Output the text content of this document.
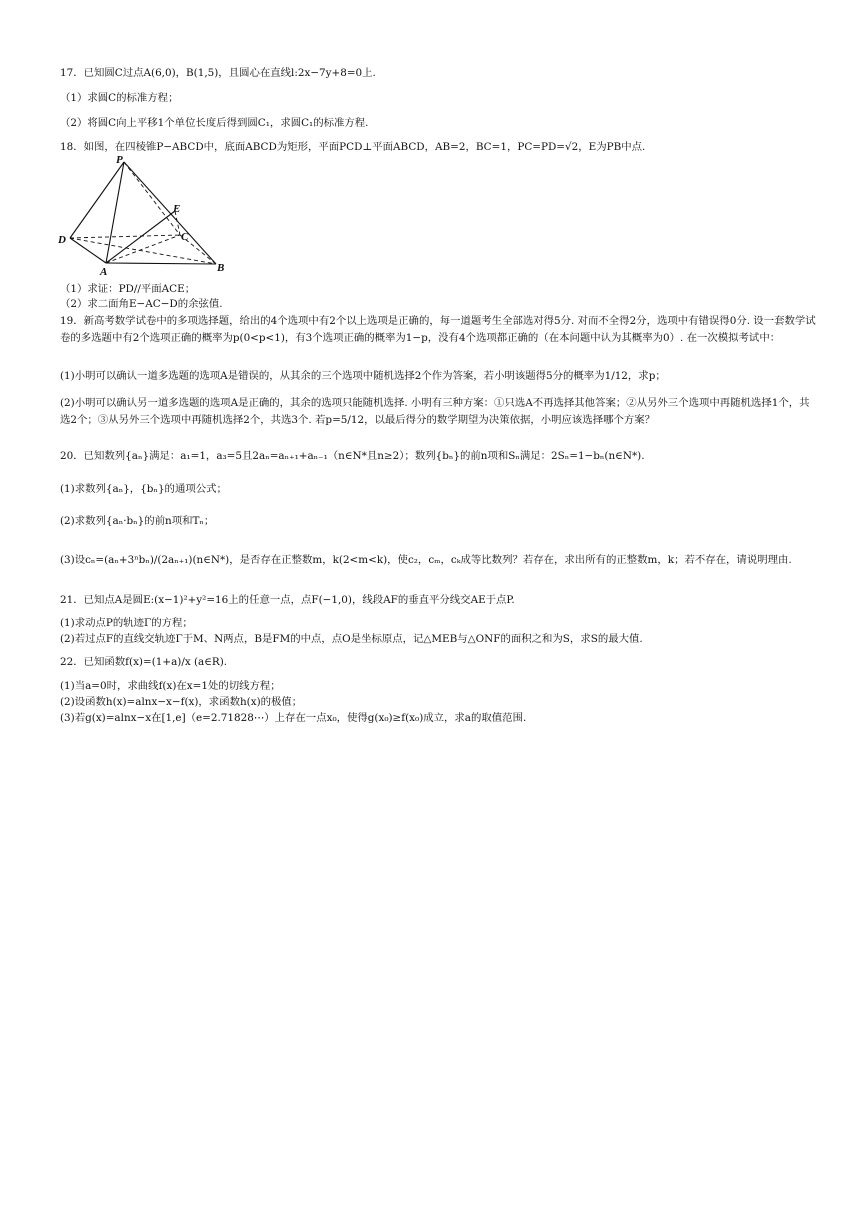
17．已知圆C过点A(6,0)，B(1,5)，且圆心在直线l:2x−7y+8=0上.
（1）求圆C的标准方程；
（2）将圆C向上平移1个单位长度后得到圆C₁，求圆C₁的标准方程.
18．如图，在四棱锥P−ABCD中，底面ABCD为矩形，平面PCD⊥平面ABCD，AB=2，BC=1，PC=PD=√2，E为PB中点.
P
E
C
D
A	B
（1）求证：PD//平面ACE；
（2）求二面角E−AC−D的余弦值.
19．新高考数学试卷中的多项选择题，给出的4个选项中有2个以上选项是正确的，每一道题考生全部选对得5分. 对而不全得2分，选项中有错误得0分. 设一套数学试卷的多选题中有2个选项正确的概率为p(0<p<1)，有3个选项正确的概率为1−p，没有4个选项都正确的（在本问题中认为其概率为0）. 在一次模拟考试中：
(1)小明可以确认一道多选题的选项A是错误的，从其余的三个选项中随机选择2个作为答案，若小明该题得5分的概率为1/12，求p；
(2)小明可以确认另一道多选题的选项A是正确的，其余的选项只能随机选择. 小明有三种方案：①只选A不再选择其他答案；②从另外三个选项中再随机选择1个，共选2个；③从另外三个选项中再随机选择2个，共选3个. 若p=5/12，以最后得分的数学期望为决策依据，小明应该选择哪个方案？
20．已知数列{aₙ}满足：a₁=1，a₃=5且2aₙ=aₙ₊₁+aₙ₋₁（n∈N*且n≥2）；数列{bₙ}的前n项和Sₙ满足：2Sₙ=1−bₙ(n∈N*).
(1)求数列{aₙ}，{bₙ}的通项公式；
(2)求数列{aₙ·bₙ}的前n项和Tₙ；
(3)设cₙ=(aₙ+3ⁿbₙ)/(2aₙ₊₁)(n∈N*)，是否存在正整数m，k(2<m<k)，使c₂，cₘ，cₖ成等比数列？若存在，求出所有的正整数m，k；若不存在，请说明理由.
21．已知点A是圆E:(x−1)²+y²=16上的任意一点，点F(−1,0)，线段AF的垂直平分线交AE于点P.
(1)求动点P的轨迹Γ的方程；
(2)若过点F的直线交轨迹Γ于M、N两点，B是FM的中点，点O是坐标原点，记△MEB与△ONF的面积之和为S，求S的最大值.
22．已知函数f(x)=(1+a)/x (a∈R).
(1)当a=0时，求曲线f(x)在x=1处的切线方程；
(2)设函数h(x)=alnx−x−f(x)，求函数h(x)的极值；
(3)若g(x)=alnx−x在[1,e]（e=2.71828⋯）上存在一点x₀，使得g(x₀)≥f(x₀)成立，求a的取值范围.
